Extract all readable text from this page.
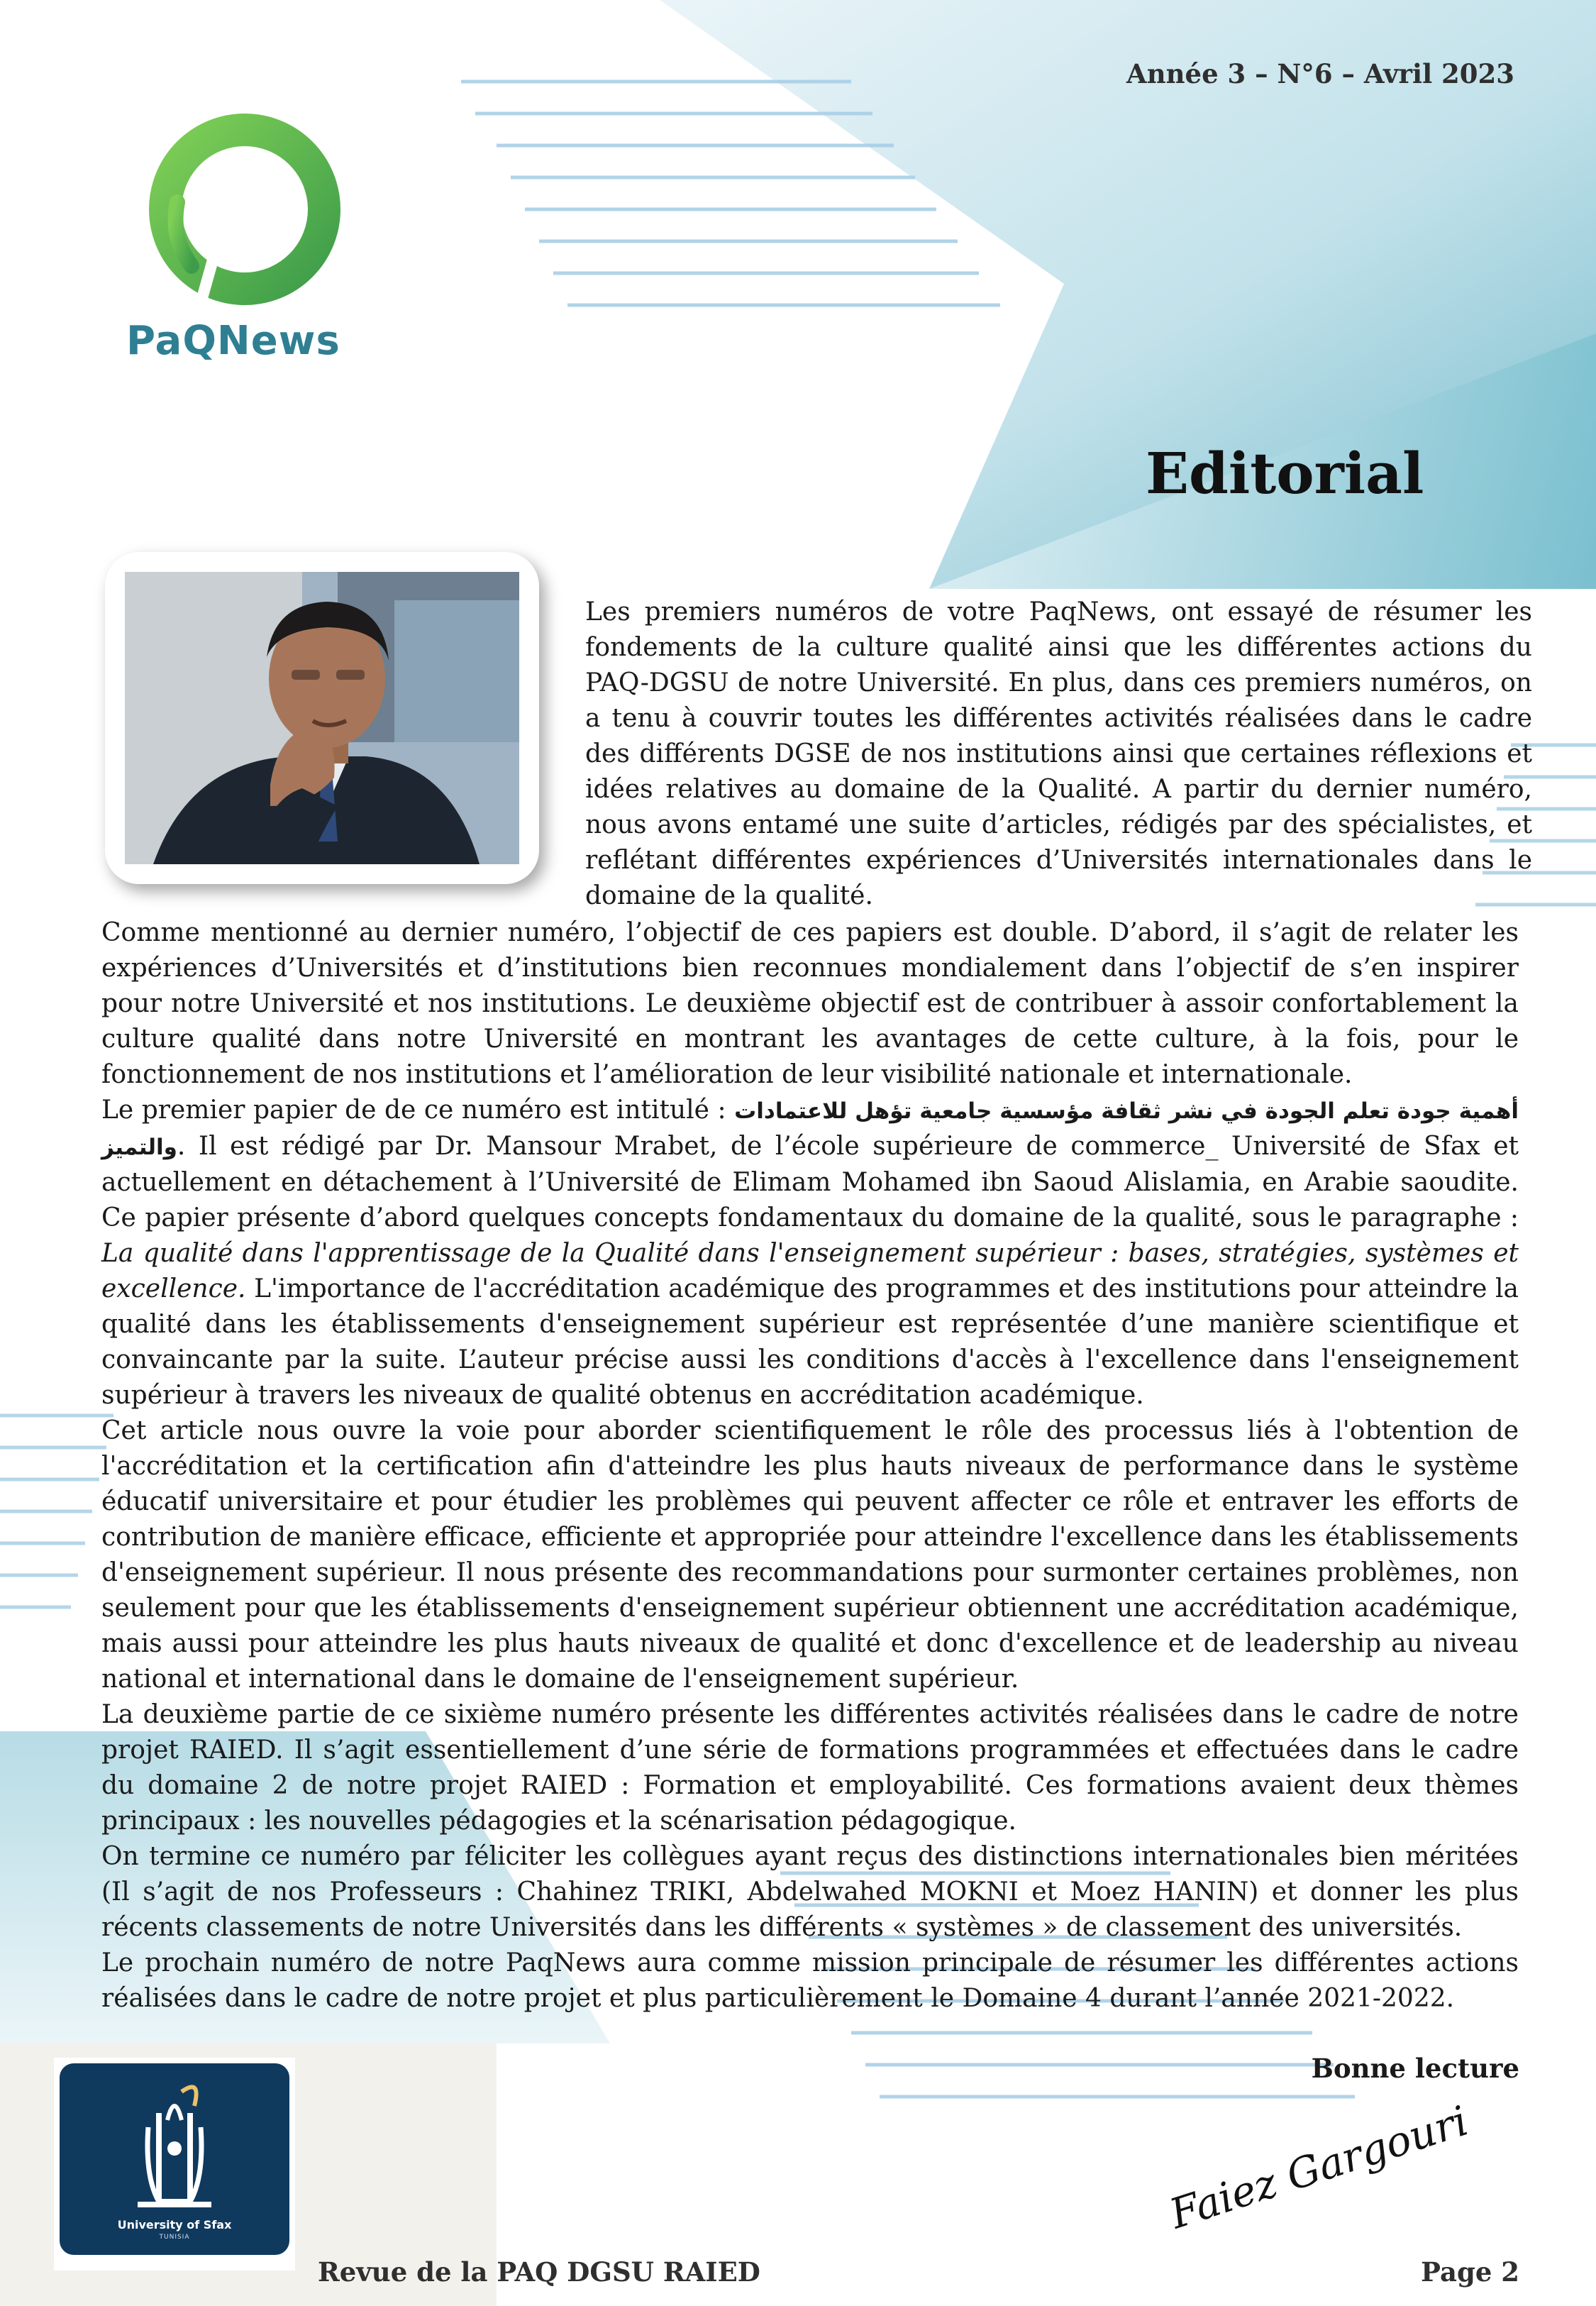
Année 3 – N°6 – Avril 2023
PaQNews
Editorial

Les premiers numéros de votre PaqNews, ont essayé de résumer les fondements de la culture qualité ainsi que les différentes actions du PAQ-DGSU de notre Université. En plus, dans ces premiers numéros, on a tenu à couvrir toutes les différentes activités réalisées dans le cadre des différents DGSE de nos institutions ainsi que certaines réflexions et idées relatives au domaine de la Qualité. A partir du dernier numéro, nous avons entamé une suite d’articles, rédigés par des spécialistes, et reflétant différentes expériences d’Universités internationales dans le domaine de la qualité.

Comme mentionné au dernier numéro, l’objectif de ces papiers est double. D’abord, il s’agit de relater les expériences d’Universités et d’institutions bien reconnues mondialement dans l’objectif de s’en inspirer pour notre Université et nos institutions. Le deuxième objectif est de contribuer à assoir confortablement la culture qualité dans notre Université en montrant les avantages de cette culture, à la fois, pour le fonctionnement de nos institutions et l’amélioration de leur visibilité nationale et internationale.

Le premier papier de de ce numéro est intitulé : أهمية جودة تعلم الجودة في نشر ثقافة مؤسسية جامعية تؤهل للاعتمادات والتميز. Il est rédigé par Dr. Mansour Mrabet, de l’école supérieure de commerce_ Université de Sfax et actuellement en détachement à l’Université de Elimam Mohamed ibn Saoud Alislamia, en Arabie saoudite. Ce papier présente d’abord quelques concepts fondamentaux du domaine de la qualité, sous le paragraphe : La qualité dans l'apprentissage de la Qualité dans l'enseignement supérieur : bases, stratégies, systèmes et excellence. L'importance de l'accréditation académique des programmes et des institutions pour atteindre la qualité dans les établissements d'enseignement supérieur est représentée d’une manière scientifique et convaincante par la suite. L’auteur précise aussi les conditions d'accès à l'excellence dans l'enseignement supérieur à travers les niveaux de qualité obtenus en accréditation académique.

Cet article nous ouvre la voie pour aborder scientifiquement le rôle des processus liés à l'obtention de l'accréditation et la certification afin d'atteindre les plus hauts niveaux de performance dans le système éducatif universitaire et pour étudier les problèmes qui peuvent affecter ce rôle et entraver les efforts de contribution de manière efficace, efficiente et appropriée pour atteindre l'excellence dans les établissements d'enseignement supérieur. Il nous présente des recommandations pour surmonter certaines problèmes, non seulement pour que les établissements d'enseignement supérieur obtiennent une accréditation académique, mais aussi pour atteindre les plus hauts niveaux de qualité et donc d'excellence et de leadership au niveau national et international dans le domaine de l'enseignement supérieur.

La deuxième partie de ce sixième numéro présente les différentes activités réalisées dans le cadre de notre projet RAIED. Il s’agit essentiellement d’une série de formations programmées et effectuées dans le cadre du domaine 2 de notre projet RAIED : Formation et employabilité. Ces formations avaient deux thèmes principaux : les nouvelles pédagogies et la scénarisation pédagogique.

On termine ce numéro par féliciter les collègues ayant reçus des distinctions internationales bien méritées (Il s’agit de nos Professeurs : Chahinez TRIKI, Abdelwahed MOKNI et Moez HANIN) et donner les plus récents classements de notre Universités dans les différents « systèmes » de classement des universités.

Le prochain numéro de notre PaqNews aura comme mission principale de résumer les différentes actions réalisées dans le cadre de notre projet et plus particulièrement le Domaine 4 durant l’année 2021-2022.

Bonne lecture
Faiez Gargouri
University of Sfax
TUNISIA
Revue de la PAQ DGSU RAIED	Page 2
